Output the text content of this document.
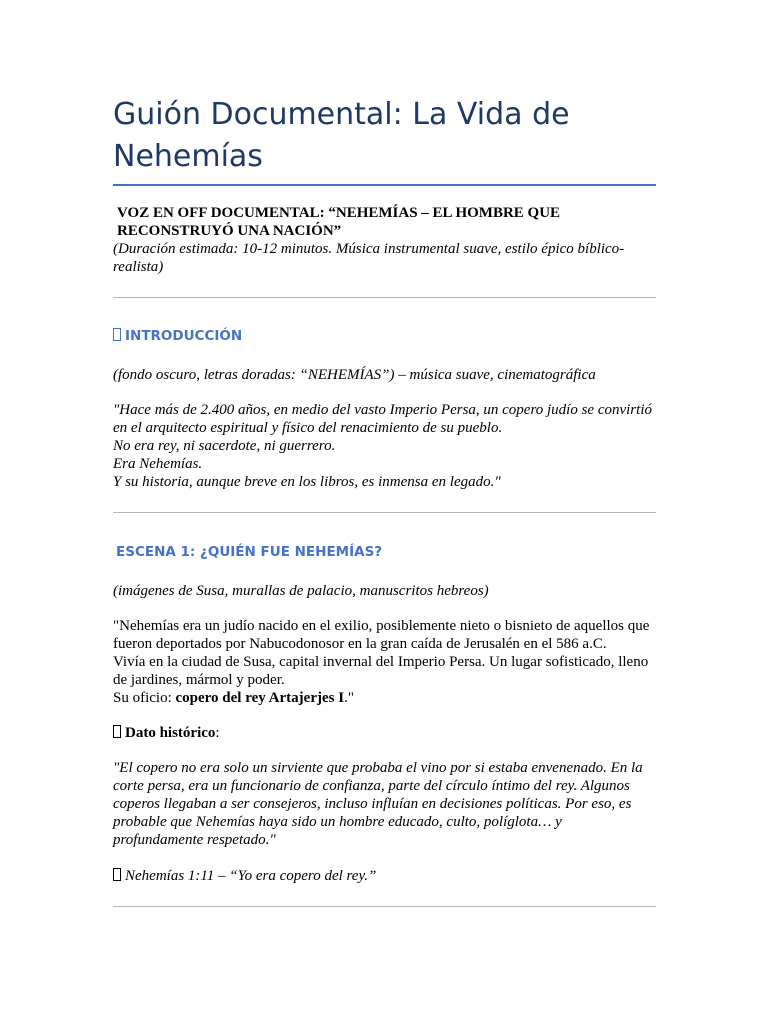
Guión Documental: La Vida de
Nehemías
VOZ EN OFF DOCUMENTAL: “NEHEMÍAS – EL HOMBRE QUE
RECONSTRUYÓ UNA NACIÓN”
(Duración estimada: 10-12 minutos. Música instrumental suave, estilo épico bíblico-
realista)
INTRODUCCIÓN

(fondo oscuro, letras doradas: “NEHEMÍAS”) – música suave, cinematográfica

"Hace más de 2.400 años, en medio del vasto Imperio Persa, un copero judío se convirtió
en el arquitecto espiritual y físico del renacimiento de su pueblo.
No era rey, ni sacerdote, ni guerrero.
Era Nehemías.
Y su historia, aunque breve en los libros, es inmensa en legado."

ESCENA 1: ¿QUIÉN FUE NEHEMÍAS?

(imágenes de Susa, murallas de palacio, manuscritos hebreos)

"Nehemías era un judío nacido en el exilio, posiblemente nieto o bisnieto de aquellos que
fueron deportados por Nabucodonosor en la gran caída de Jerusalén en el 586 a.C.
Vivía en la ciudad de Susa, capital invernal del Imperio Persa. Un lugar sofisticado, lleno
de jardines, mármol y poder.
Su oficio: copero del rey Artajerjes I."

Dato histórico:

"El copero no era solo un sirviente que probaba el vino por si estaba envenenado. En la
corte persa, era un funcionario de confianza, parte del círculo íntimo del rey. Algunos
coperos llegaban a ser consejeros, incluso influían en decisiones políticas. Por eso, es
probable que Nehemías haya sido un hombre educado, culto, políglota… y
profundamente respetado."

Nehemías 1:11 – “Yo era copero del rey.”
